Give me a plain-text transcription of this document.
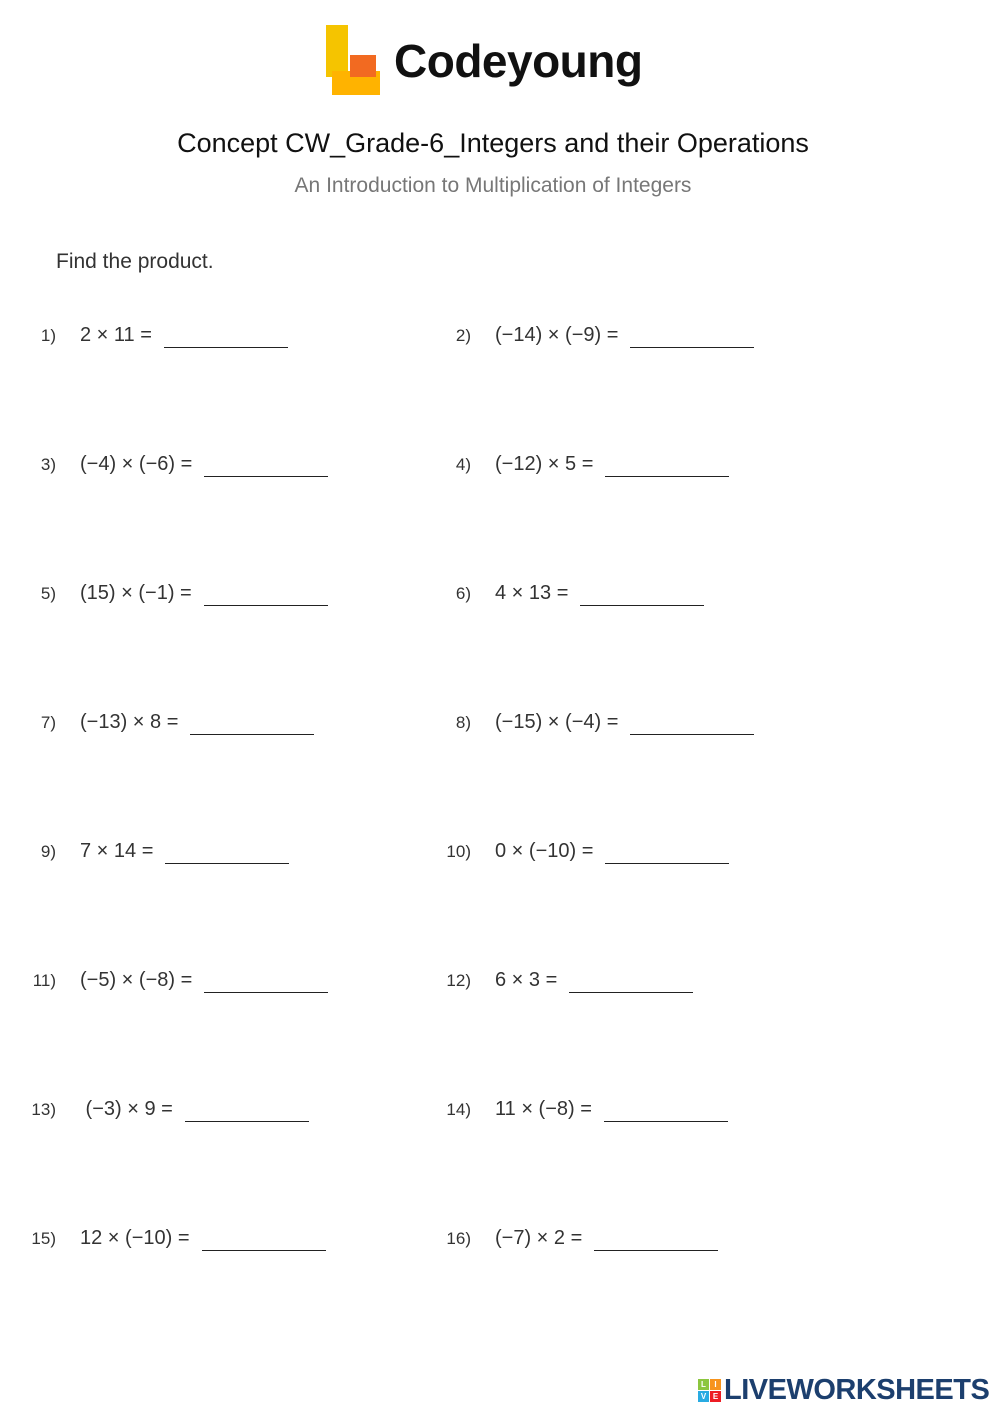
Codeyoung
Concept CW_Grade-6_Integers and their Operations
An Introduction to Multiplication of Integers
Find the product.
1) 2 × 11 =
3) (−4) × (−6) =
5) (15) × (−1) =
7) (−13) × 8 =
9) 7 × 14 =
11) (−5) × (−8) =
13) (−3) × 9 =
15) 12 × (−10) =
2) (−14) × (−9) =
4) (−12) × 5 =
6) 4 × 13 =
8) (−15) × (−4) =
10) 0 × (−10) =
12) 6 × 3 =
14) 11 × (−8) =
16) (−7) × 2 =
L	I
V E LIVEWORKSHEETS
